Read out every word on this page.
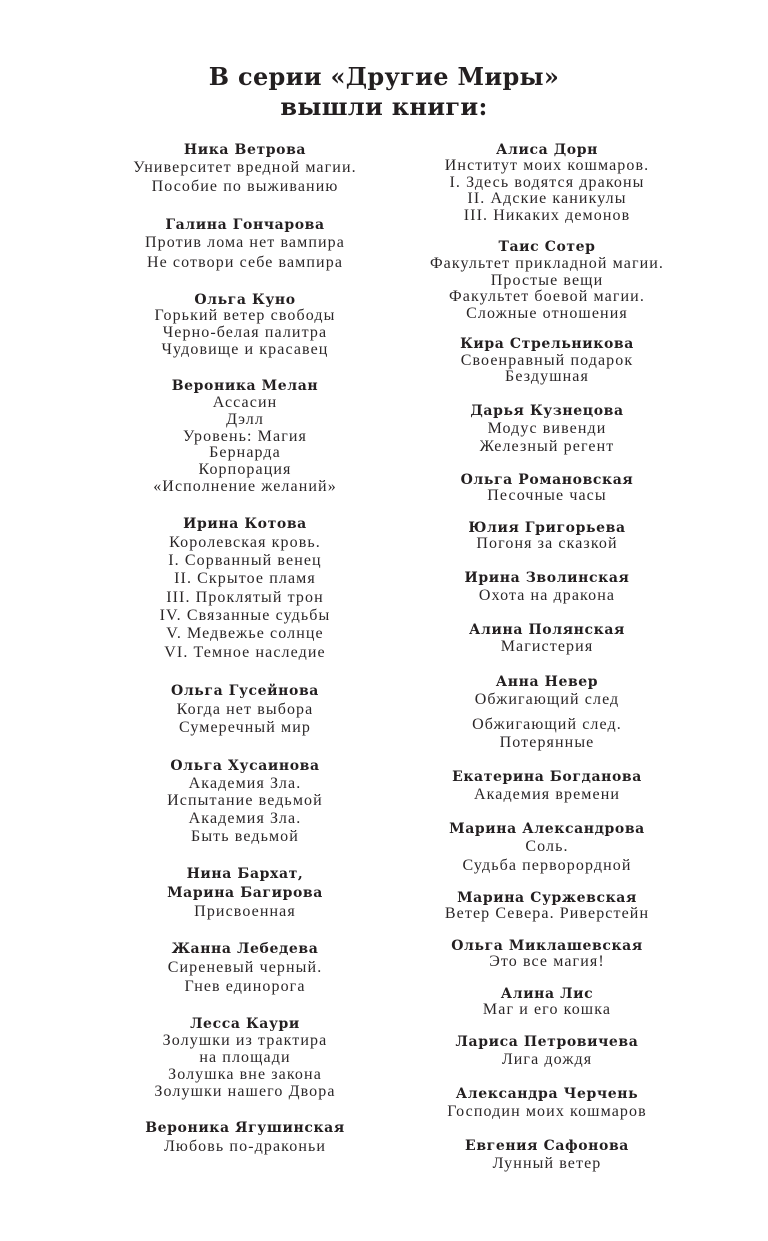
В серии «Другие Миры»
вышли книги:
Ника Ветрова
Университет вредной магии.
Пособие по выживанию
Галина Гончарова
Против лома нет вампира
Не сотвори себе вампира
Ольга Куно
Горький ветер свободы
Черно-белая палитра
Чудовище и красавец
Вероника Мелан
Ассасин
Дэлл
Уровень: Магия
Бернарда
Корпорация
«Исполнение желаний»
Ирина Котова
Королевская кровь.
I. Сорванный венец
II. Скрытое пламя
III. Проклятый трон
IV. Связанные судьбы
V. Медвежье солнце
VI. Темное наследие
Ольга Гусейнова
Когда нет выбора
Сумеречный мир
Ольга Хусаинова
Академия Зла.
Испытание ведьмой
Академия Зла.
Быть ведьмой
Нина Бархат,
Марина Багирова
Присвоенная
Жанна Лебедева
Сиреневый черный.
Гнев единорога
Лесса Каури
Золушки из трактира
на площади
Золушка вне закона
Золушки нашего Двора
Вероника Ягушинская
Любовь по-драконьи
Алиса Дорн
Институт моих кошмаров.
I. Здесь водятся драконы
II. Адские каникулы
III. Никаких демонов
Таис Сотер
Факультет прикладной магии.
Простые вещи
Факультет боевой магии.
Сложные отношения
Кира Стрельникова
Своенравный подарок
Бездушная
Дарья Кузнецова
Модус вивенди
Железный регент
Ольга Романовская
Песочные часы
Юлия Григорьева
Погоня за сказкой
Ирина Зволинская
Охота на дракона
Алина Полянская
Магистерия
Анна Невер
Обжигающий след
Обжигающий след.
Потерянные
Екатерина Богданова
Академия времени
Марина Александрова
Соль.
Судьба перворордной
Марина Суржевская
Ветер Севера. Риверстейн
Ольга Миклашевская
Это все магия!
Алина Лис
Маг и его кошка
Лариса Петровичева
Лига дождя
Александра Черчень
Господин моих кошмаров
Евгения Сафонова
Лунный ветер
